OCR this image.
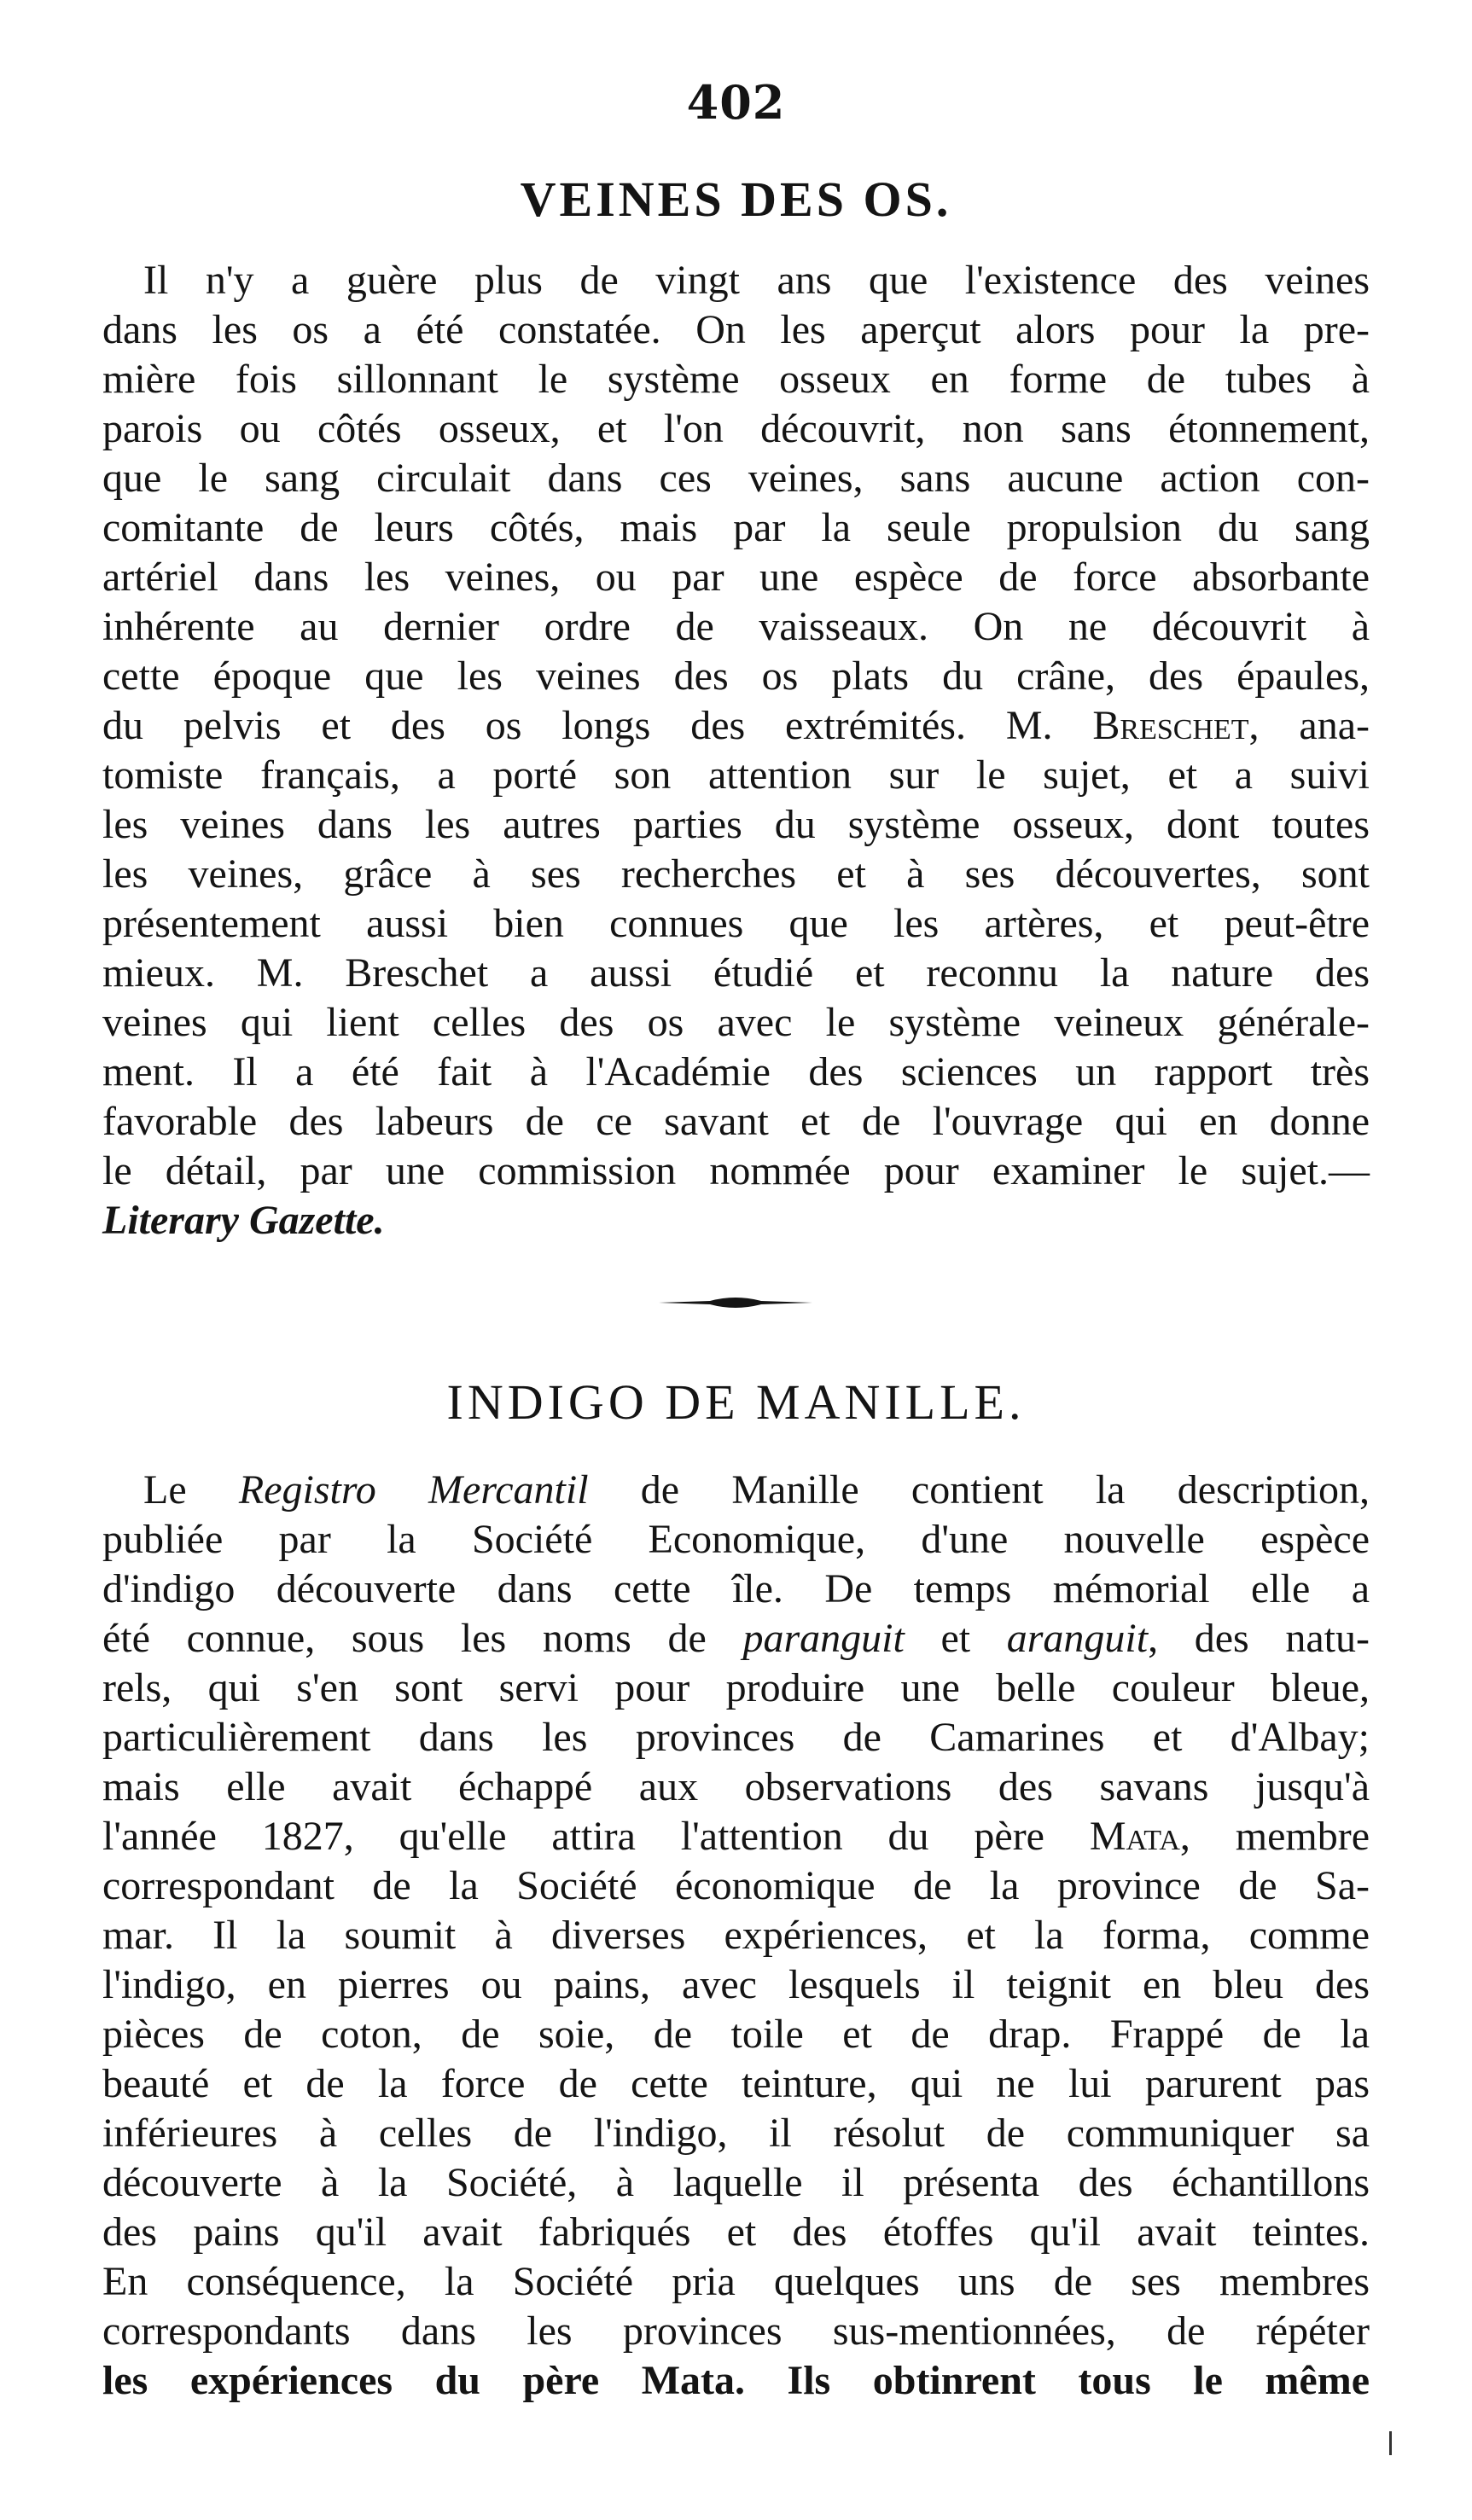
402
VEINES DES OS.
Il n'y a guère plus de vingt ans que l'existence des veines
dans les os a été constatée. On les aperçut alors pour la pre-
mière fois sillonnant le système osseux en forme de tubes à
parois ou côtés osseux, et l'on découvrit, non sans étonnement,
que le sang circulait dans ces veines, sans aucune action con-
comitante de leurs côtés, mais par la seule propulsion du sang
artériel dans les veines, ou par une espèce de force absorbante
inhérente au dernier ordre de vaisseaux. On ne découvrit à
cette époque que les veines des os plats du crâne, des épaules,
du pelvis et des os longs des extrémités. M. Breschet, ana-
tomiste français, a porté son attention sur le sujet, et a suivi
les veines dans les autres parties du système osseux, dont toutes
les veines, grâce à ses recherches et à ses découvertes, sont
présentement aussi bien connues que les artères, et peut-être
mieux. M. Breschet a aussi étudié et reconnu la nature des
veines qui lient celles des os avec le système veineux générale-
ment. Il a été fait à l'Académie des sciences un rapport très
favorable des labeurs de ce savant et de l'ouvrage qui en donne
le détail, par une commission nommée pour examiner le sujet.—
Literary Gazette.
INDIGO DE MANILLE.
Le Registro Mercantil de Manille contient la description,
publiée par la Société Economique, d'une nouvelle espèce
d'indigo découverte dans cette île. De temps mémorial elle a
été connue, sous les noms de paranguit et aranguit, des natu-
rels, qui s'en sont servi pour produire une belle couleur bleue,
particulièrement dans les provinces de Camarines et d'Albay;
mais elle avait échappé aux observations des savans jusqu'à
l'année 1827, qu'elle attira l'attention du père Mata, membre
correspondant de la Société économique de la province de Sa-
mar. Il la soumit à diverses expériences, et la forma, comme
l'indigo, en pierres ou pains, avec lesquels il teignit en bleu des
pièces de coton, de soie, de toile et de drap. Frappé de la
beauté et de la force de cette teinture, qui ne lui parurent pas
inférieures à celles de l'indigo, il résolut de communiquer sa
découverte à la Société, à laquelle il présenta des échantillons
des pains qu'il avait fabriqués et des étoffes qu'il avait teintes.
En conséquence, la Société pria quelques uns de ses membres
correspondants dans les provinces sus-mentionnées, de répéter
les expériences du père Mata. Ils obtinrent tous le même
